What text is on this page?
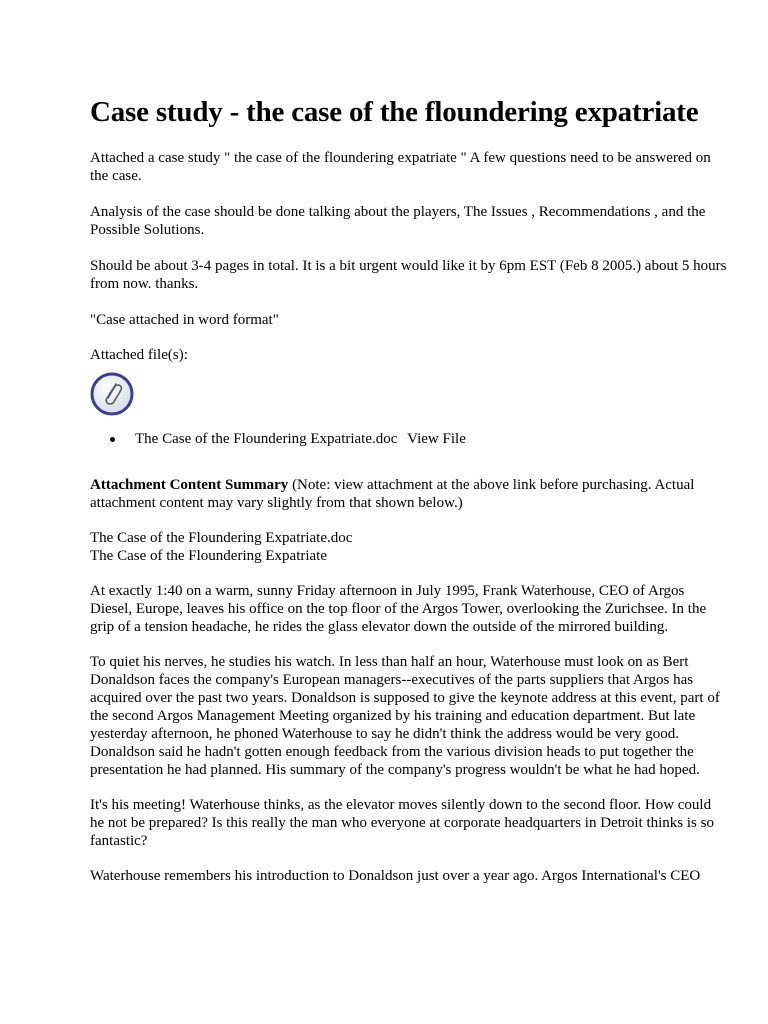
Case study - the case of the floundering expatriate

Attached a case study " the case of the floundering expatriate " A few questions need to be answered on the case.

Analysis of the case should be done talking about the players, The Issues , Recommendations , and the Possible Solutions.

Should be about 3-4 pages in total. It is a bit urgent would like it by 6pm EST (Feb 8 2005.) about 5 hours from now. thanks.

"Case attached in word format"

Attached file(s):

The Case of the Floundering Expatriate.doc View File

Attachment Content Summary (Note: view attachment at the above link before purchasing. Actual attachment content may vary slightly from that shown below.)

The Case of the Floundering Expatriate.doc

The Case of the Floundering Expatriate

At exactly 1:40 on a warm, sunny Friday afternoon in July 1995, Frank Waterhouse, CEO of Argos Diesel, Europe, leaves his office on the top floor of the Argos Tower, overlooking the Zurichsee. In the grip of a tension headache, he rides the glass elevator down the outside of the mirrored building.

To quiet his nerves, he studies his watch. In less than half an hour, Waterhouse must look on as Bert Donaldson faces the company's European managers--executives of the parts suppliers that Argos has acquired over the past two years. Donaldson is supposed to give the keynote address at this event, part of the second Argos Management Meeting organized by his training and education department. But late yesterday afternoon, he phoned Waterhouse to say he didn't think the address would be very good. Donaldson said he hadn't gotten enough feedback from the various division heads to put together the presentation he had planned. His summary of the company's progress wouldn't be what he had hoped.

It's his meeting! Waterhouse thinks, as the elevator moves silently down to the second floor. How could he not be prepared? Is this really the man who everyone at corporate headquarters in Detroit thinks is so fantastic?

Waterhouse remembers his introduction to Donaldson just over a year ago. Argos International's CEO
